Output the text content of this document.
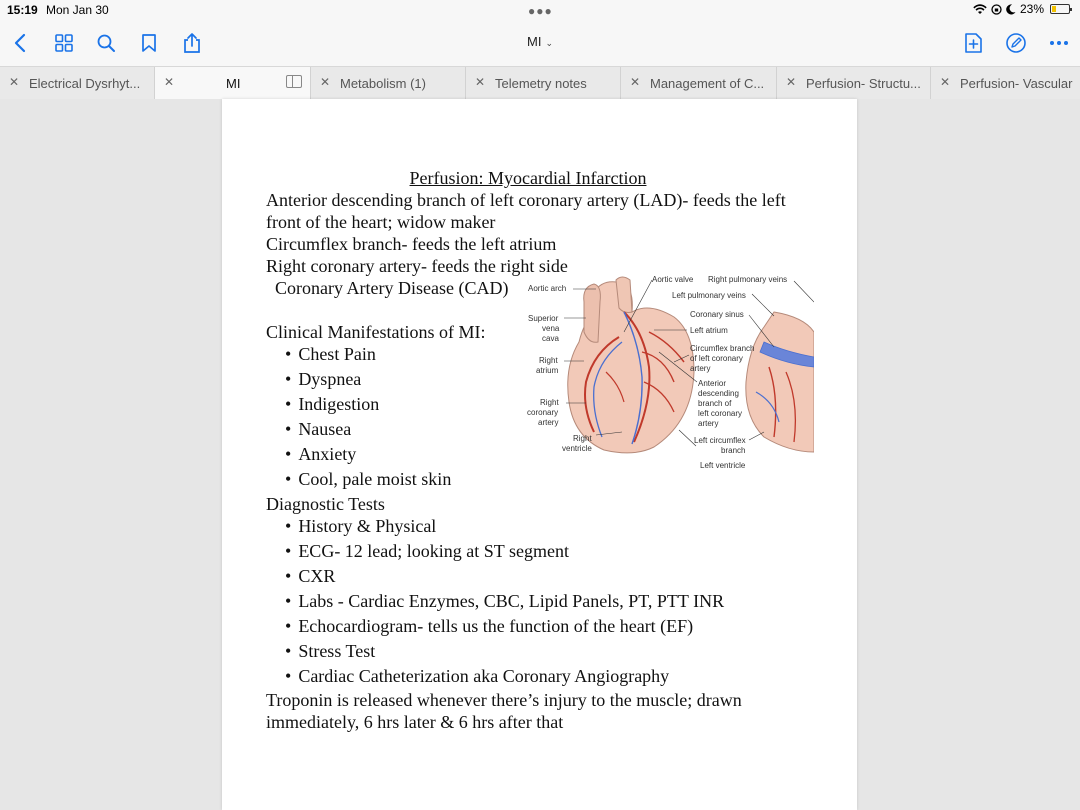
15:19 Mon Jan 30	●●●	23%
MI ⌄
✕ Electrical Dysrhyt... ✕	MI	✕ Metabolism (1)	✕ Telemetry notes	✕ Management of C... ✕ Perfusion- Structu... ✕ Perfusion- Vascular
Perfusion: Myocardial Infarction
Anterior descending branch of left coronary artery (LAD)- feeds the left
front of the heart; widow maker
Circumflex branch- feeds the left atrium
Right coronary artery- feeds the right side
Coronary Artery Disease (CAD)
Clinical Manifestations of MI:
• Chest Pain
• Dyspnea
• Indigestion
• Nausea
• Anxiety
• Cool, pale moist skin
Diagnostic Tests
• History & Physical
• ECG- 12 lead; looking at ST segment
• CXR
• Labs - Cardiac Enzymes, CBC, Lipid Panels, PT, PTT INR
• Echocardiogram- tells us the function of the heart (EF)
• Stress Test
• Cardiac Catheterization aka Coronary Angiography
Troponin is released whenever there’s injury to the muscle; drawn
immediately, 6 hrs later & 6 hrs after that
Aortic arch
Superior
vena
cava
Right
atrium
Right
coronary
artery
Right
ventricle
Aortic valve Right pulmonary veins
Left pulmonary veins
Coronary sinus
Left atrium
Circumflex branch
of left coronary
artery
Anterior
descending
branch of
left coronary
artery
Left circumflex
branch
Left ventricle
